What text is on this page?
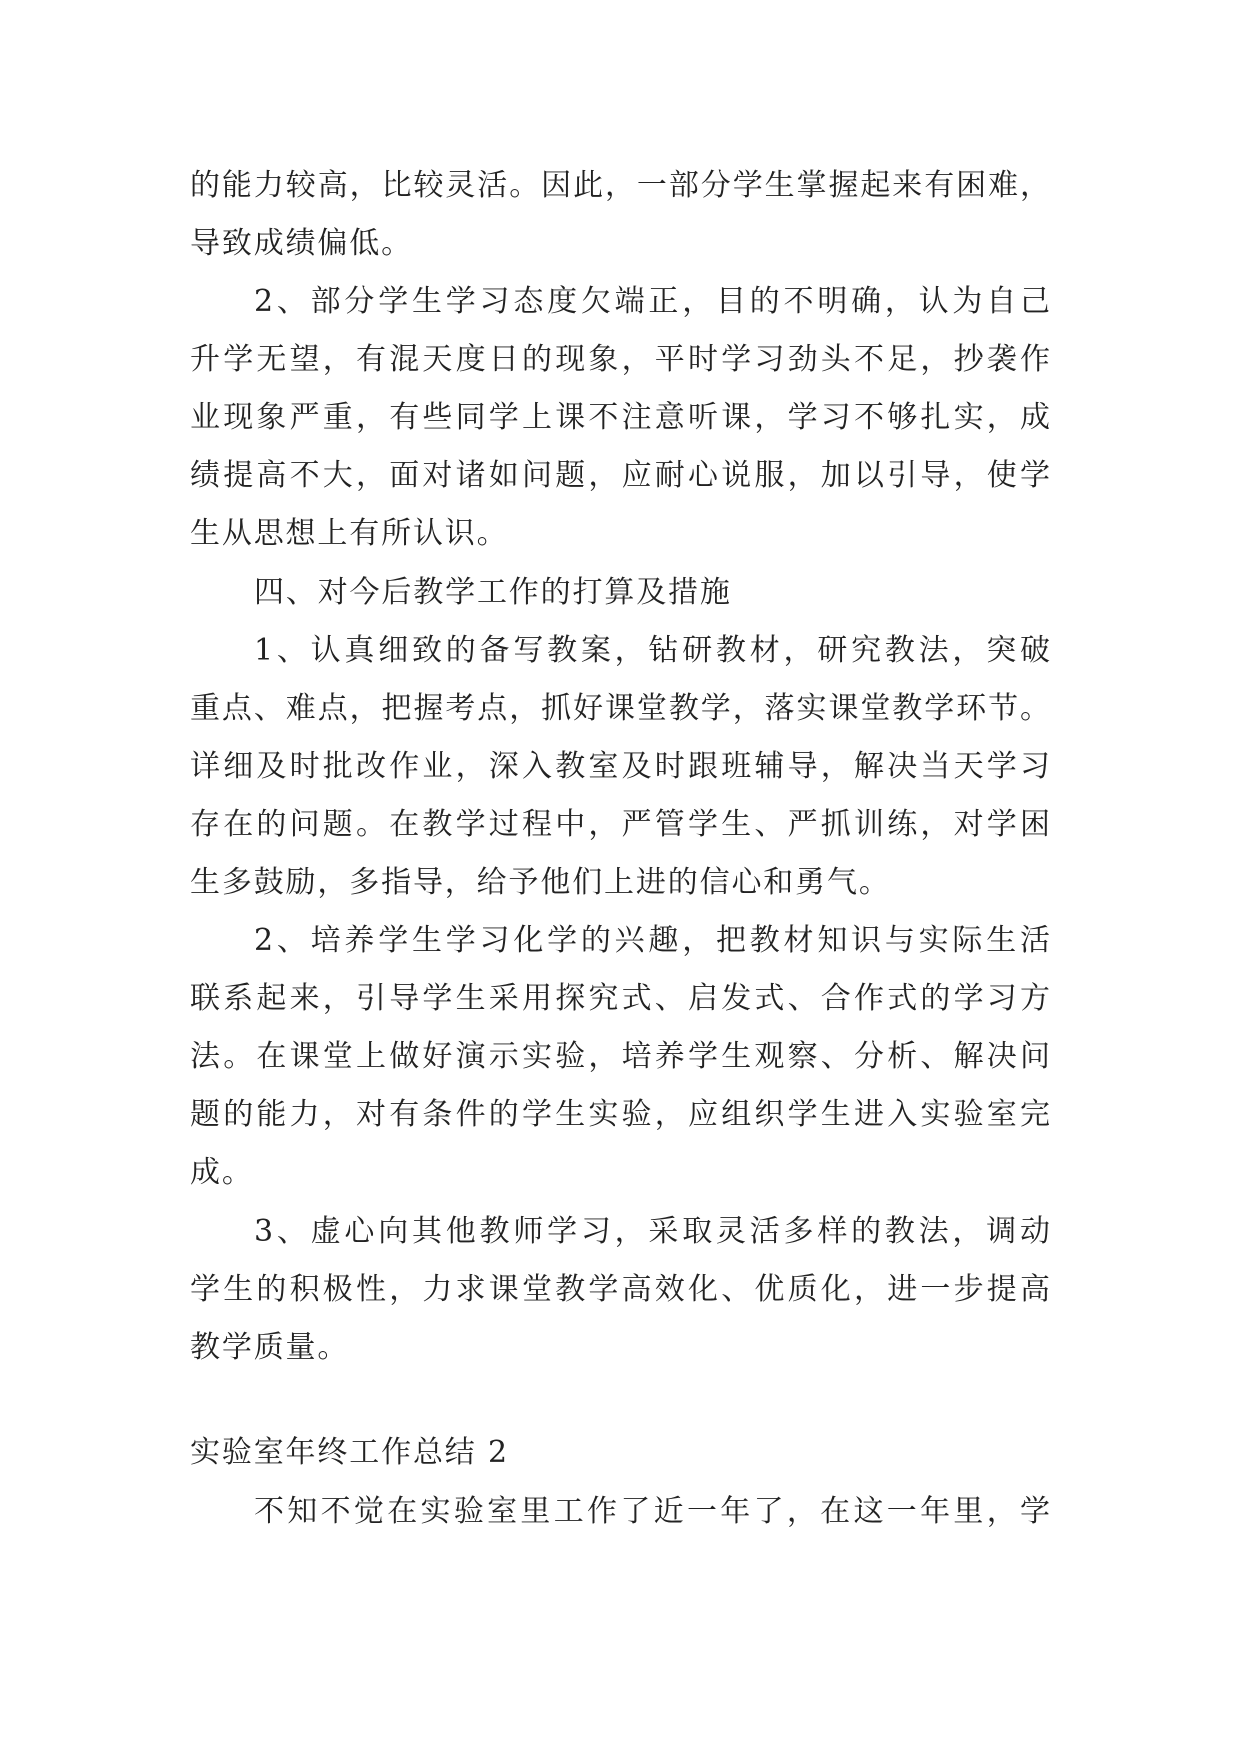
的能力较高，比较灵活。因此，一部分学生掌握起来有困难，
导致成绩偏低。
2、部分学生学习态度欠端正，目的不明确，认为自己
升学无望，有混天度日的现象，平时学习劲头不足，抄袭作
业现象严重，有些同学上课不注意听课，学习不够扎实，成
绩提高不大，面对诸如问题，应耐心说服，加以引导，使学
生从思想上有所认识。
四、对今后教学工作的打算及措施
1、认真细致的备写教案，钻研教材，研究教法，突破
重点、难点，把握考点，抓好课堂教学，落实课堂教学环节。
详细及时批改作业，深入教室及时跟班辅导，解决当天学习
存在的问题。在教学过程中，严管学生、严抓训练，对学困
生多鼓励，多指导，给予他们上进的信心和勇气。
2、培养学生学习化学的兴趣，把教材知识与实际生活
联系起来，引导学生采用探究式、启发式、合作式的学习方
法。在课堂上做好演示实验，培养学生观察、分析、解决问
题的能力，对有条件的学生实验，应组织学生进入实验室完
成。
3、虚心向其他教师学习，采取灵活多样的教法，调动
学生的积极性，力求课堂教学高效化、优质化，进一步提高
教学质量。
实验室年终工作总结 2
不知不觉在实验室里工作了近一年了，在这一年里，学
